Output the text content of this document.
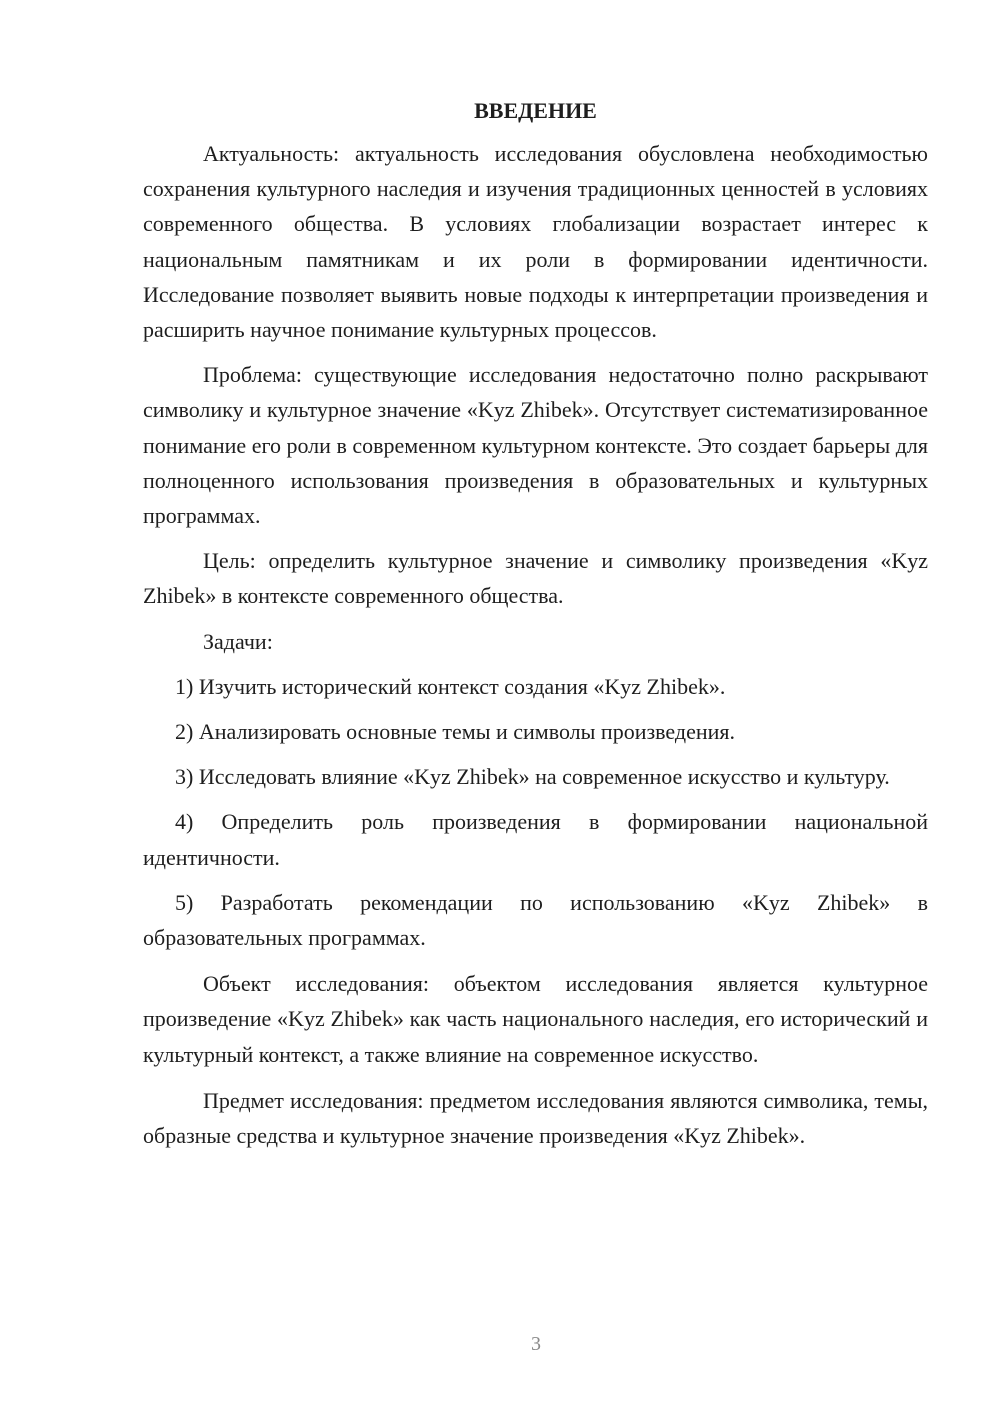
ВВЕДЕНИЕ

Актуальность: актуальность исследования обусловлена необходимостью сохранения культурного наследия и изучения традиционных ценностей в условиях современного общества. В условиях глобализации возрастает интерес к национальным памятникам и их роли в формировании идентичности. Исследование позволяет выявить новые подходы к интерпретации произведения и расширить научное понимание культурных процессов.

Проблема: существующие исследования недостаточно полно раскрывают символику и культурное значение «Kyz Zhibek». Отсутствует систематизированное понимание его роли в современном культурном контексте. Это создает барьеры для полноценного использования произведения в образовательных и культурных программах.

Цель: определить культурное значение и символику произведения «Kyz Zhibek» в контексте современного общества.

Задачи:

1) Изучить исторический контекст создания «Kyz Zhibek».

2) Анализировать основные темы и символы произведения.

3) Исследовать влияние «Kyz Zhibek» на современное искусство и культуру.

4) Определить роль произведения в формировании национальной идентичности.

5) Разработать рекомендации по использованию «Kyz Zhibek» в образовательных программах.

Объект исследования: объектом исследования является культурное произведение «Kyz Zhibek» как часть национального наследия, его исторический и культурный контекст, а также влияние на современное искусство.

Предмет исследования: предметом исследования являются символика, темы, образные средства и культурное значение произведения «Kyz Zhibek».

3
